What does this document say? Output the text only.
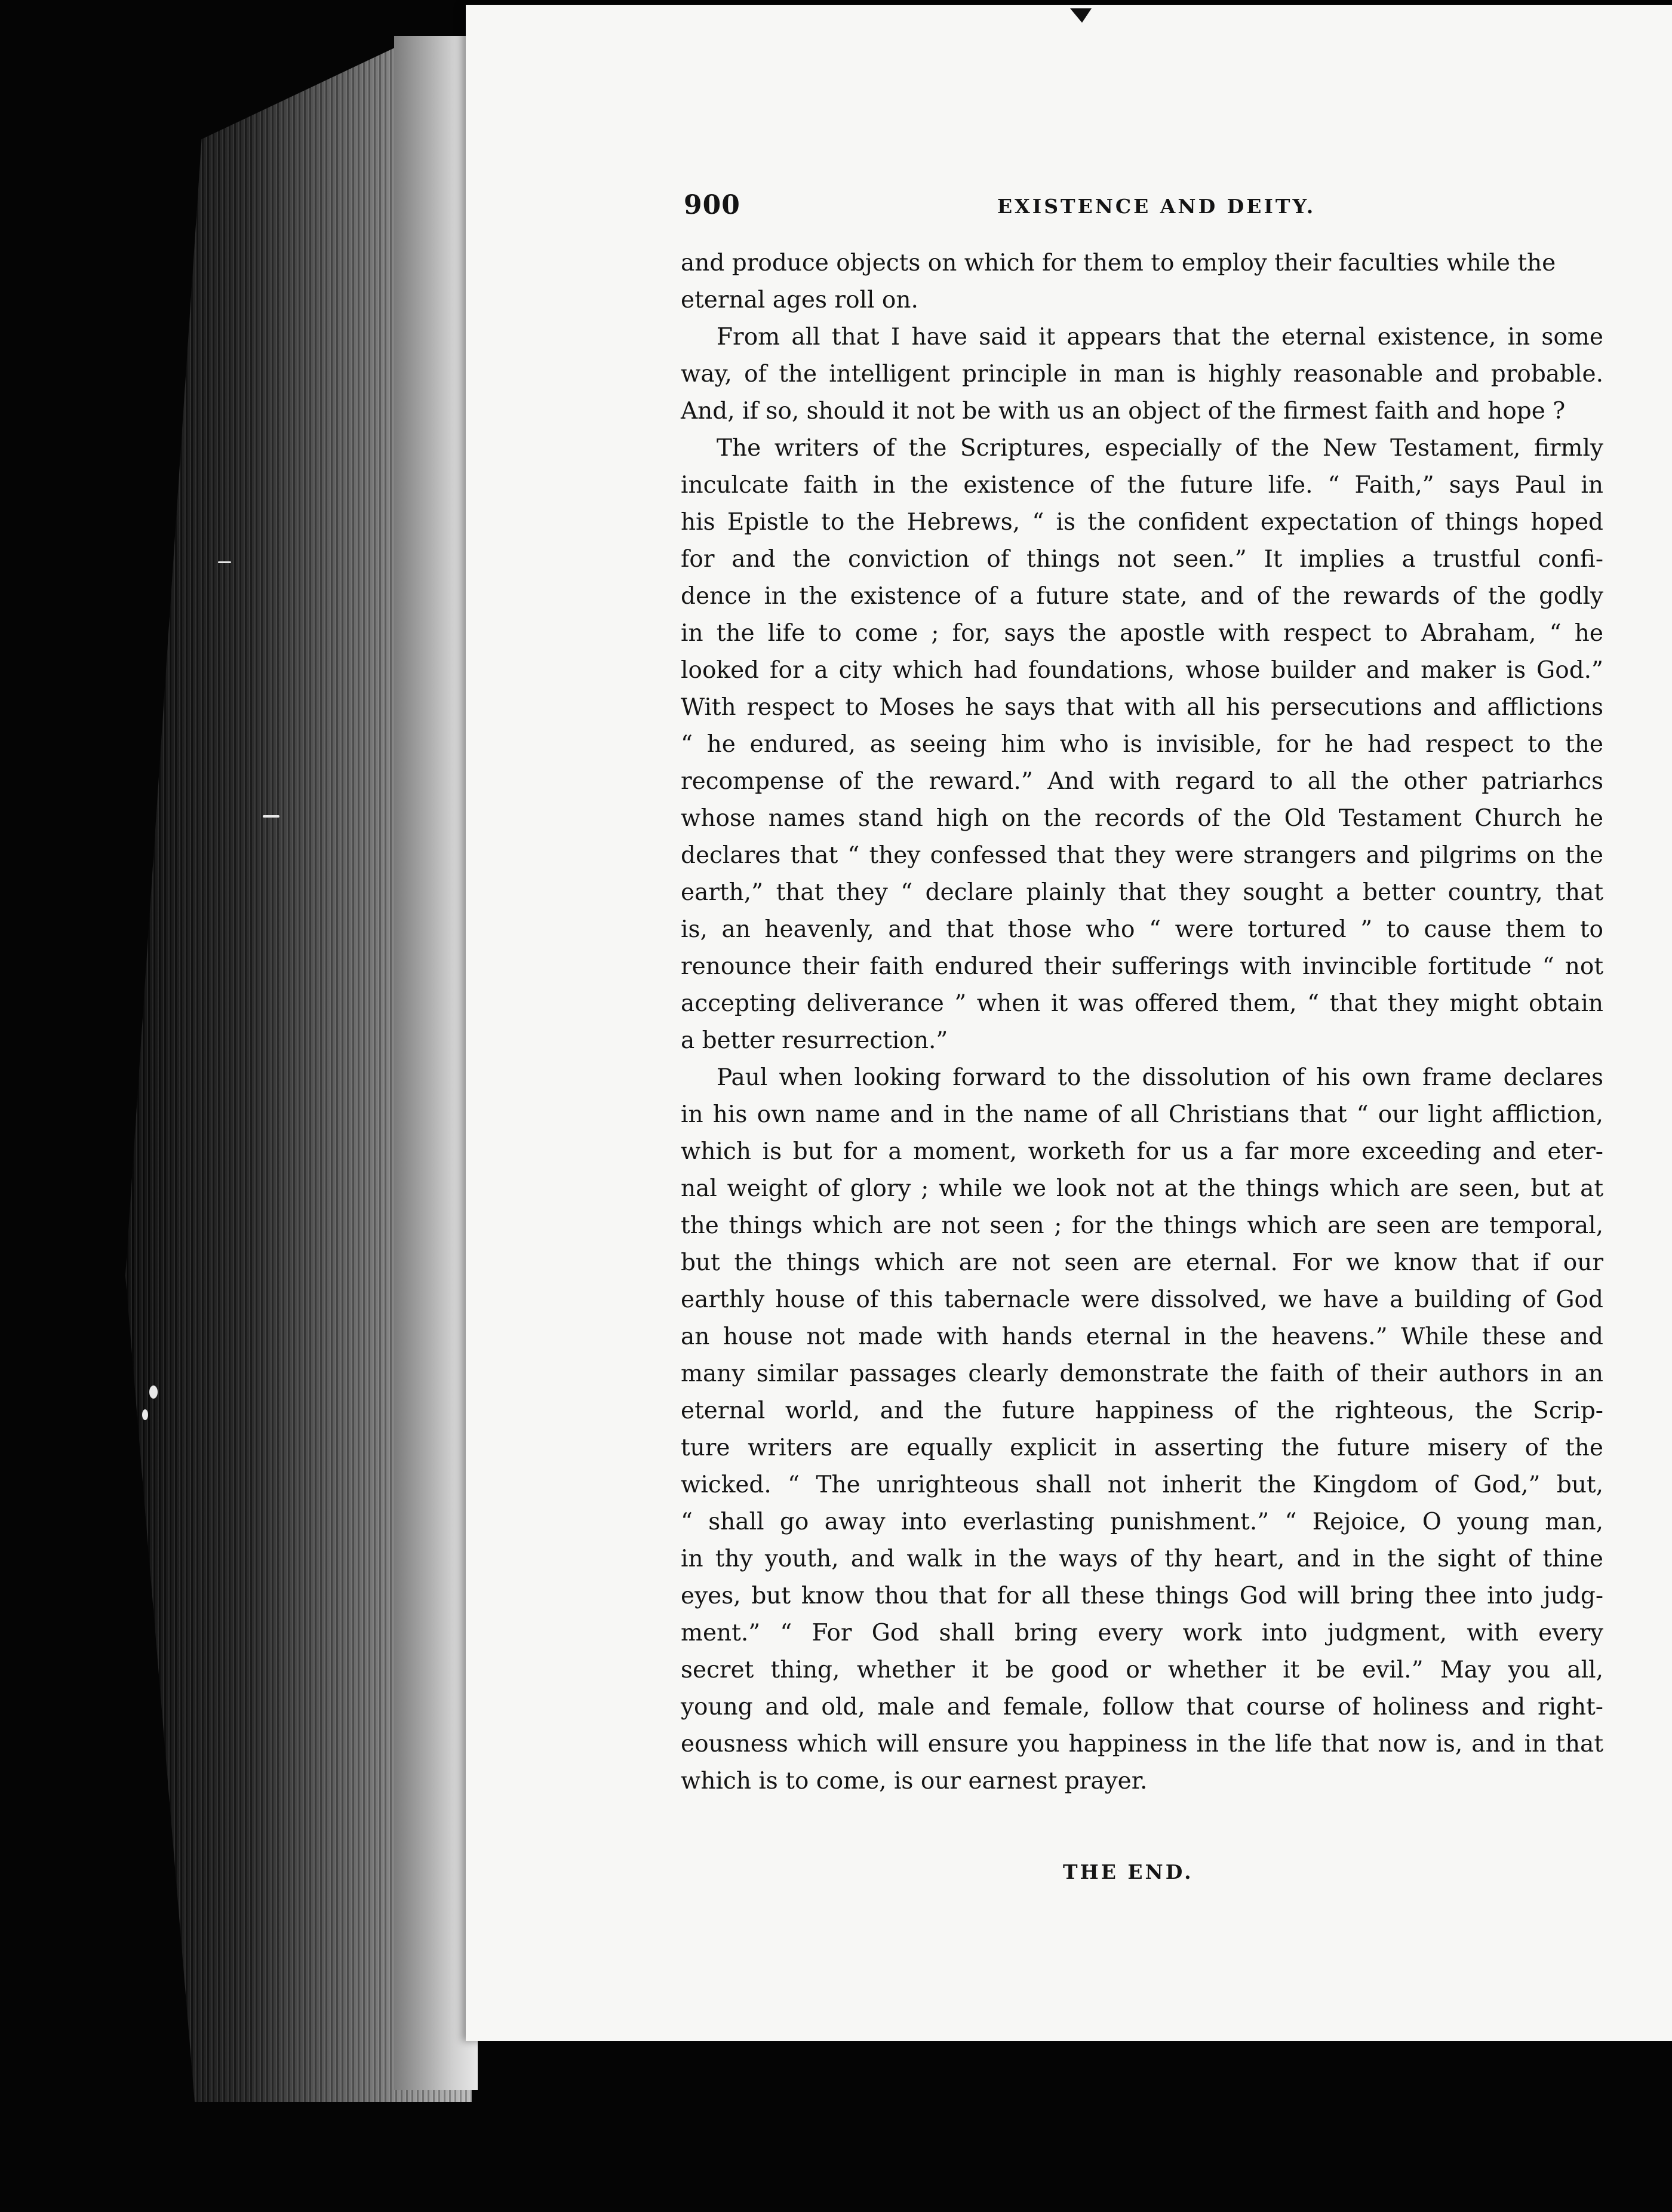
900	EXISTENCE AND DEITY.
and produce objects on which for them to employ their faculties while the
eternal ages roll on.
From all that I have said it appears that the eternal existence, in some
way, of the intelligent principle in man is highly reasonable and probable.
And, if so, should it not be with us an object of the firmest faith and hope ?
The writers of the Scriptures, especially of the New Testament, firmly
inculcate faith in the existence of the future life. “ Faith,” says Paul in
his Epistle to the Hebrews, “ is the confident expectation of things hoped
for and the conviction of things not seen.” It implies a trustful confi-
dence in the existence of a future state, and of the rewards of the godly
in the life to come ; for, says the apostle with respect to Abraham, “ he
looked for a city which had foundations, whose builder and maker is God.”
With respect to Moses he says that with all his persecutions and afflictions
“ he endured, as seeing him who is invisible, for he had respect to the
recompense of the reward.” And with regard to all the other patriarhcs
whose names stand high on the records of the Old Testament Church he
declares that “ they confessed that they were strangers and pilgrims on the
earth,” that they “ declare plainly that they sought a better country, that
is, an heavenly, and that those who “ were tortured ” to cause them to
renounce their faith endured their sufferings with invincible fortitude “ not
accepting deliverance ” when it was offered them, “ that they might obtain
a better resurrection.”
Paul when looking forward to the dissolution of his own frame declares
in his own name and in the name of all Christians that “ our light affliction,
which is but for a moment, worketh for us a far more exceeding and eter-
nal weight of glory ; while we look not at the things which are seen, but at
the things which are not seen ; for the things which are seen are temporal,
but the things which are not seen are eternal. For we know that if our
earthly house of this tabernacle were dissolved, we have a building of God
an house not made with hands eternal in the heavens.” While these and
many similar passages clearly demonstrate the faith of their authors in an
eternal world, and the future happiness of the righteous, the Scrip-
ture writers are equally explicit in asserting the future misery of the
wicked. “ The unrighteous shall not inherit the Kingdom of God,” but,
“ shall go away into everlasting punishment.” “ Rejoice, O young man,
in thy youth, and walk in the ways of thy heart, and in the sight of thine
eyes, but know thou that for all these things God will bring thee into judg-
ment.” “ For God shall bring every work into judgment, with every
secret thing, whether it be good or whether it be evil.” May you all,
young and old, male and female, follow that course of holiness and right-
eousness which will ensure you happiness in the life that now is, and in that
which is to come, is our earnest prayer.
THE END.
